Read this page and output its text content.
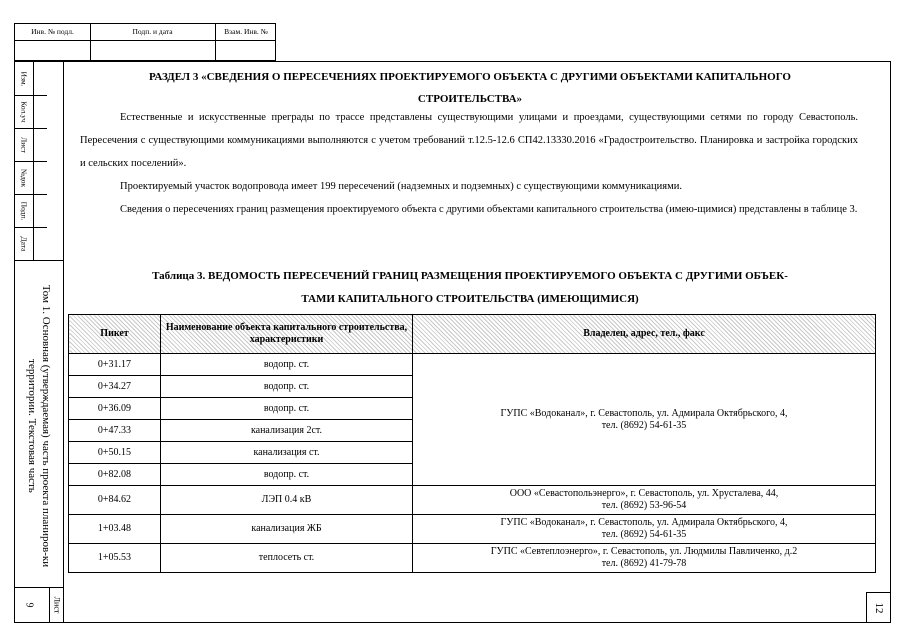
Инв. № подл.	Подп. и дата	Взам. Инв. №
Изм.
Кол.уч
Лист
№док
Подп.
Дата
Том 1. Основная (утверждаемая) часть проекта планиров-ки территории. Текстовая часть
9 Лист	12
РАЗДЕЛ 3 «СВЕДЕНИЯ О ПЕРЕСЕЧЕНИЯХ ПРОЕКТИРУЕМОГО ОБЪЕКТА С ДРУГИМИ ОБЪЕКТАМИ КАПИТАЛЬНОГО
СТРОИТЕЛЬСТВА»
Естественные и искусственные преграды по трассе представлены существующими улицами и проездами, существующими сетями по городу Севастополь. Пересечения с существующими коммуникациями выполняются с учетом требований т.12.5-12.6 СП42.13330.2016 «Градостроительство. Планировка и застройка городских и сельских поселений».
Проектируемый участок водопровода имеет 199 пересечений (надземных и подземных) с существующими коммуникациями.
Сведения о пересечениях границ размещения проектируемого объекта с другими объектами капитального строительства (имею-щимися) представлены в таблице 3.
Таблица 3. ВЕДОМОСТЬ ПЕРЕСЕЧЕНИЙ ГРАНИЦ РАЗМЕЩЕНИЯ ПРОЕКТИРУЕМОГО ОБЪЕКТА С ДРУГИМИ ОБЪЕК-
ТАМИ КАПИТАЛЬНОГО СТРОИТЕЛЬСТВА (ИМЕЮЩИМИСЯ)
Пикет	Наименование объекта капитального строительства, характеристики	Владелец, адрес, тел., факс
0+31.17	водопр. ст.	ГУПС «Водоканал», г. Севастополь, ул. Адмирала Октябрьского, 4,
тел. (8692) 54-61-35

0+34.27	водопр. ст.	
0+36.09	водопр. ст.	
0+47.33	канализация 2ст.	
0+50.15	канализация ст.	
0+82.08	водопр. ст.	
0+84.62	ЛЭП 0.4 кВ	ООО «Севастопольэнерго», г. Севастополь, ул. Хрусталева, 44,
тел. (8692) 53-96-54

1+03.48	канализация ЖБ	ГУПС «Водоканал», г. Севастополь, ул. Адмирала Октябрьского, 4,
тел. (8692) 54-61-35

1+05.53	теплосеть ст.	ГУПС «Севтеплоэнерго», г. Севастополь, ул. Людмилы Павличенко, д.2
тел. (8692) 41-79-78
